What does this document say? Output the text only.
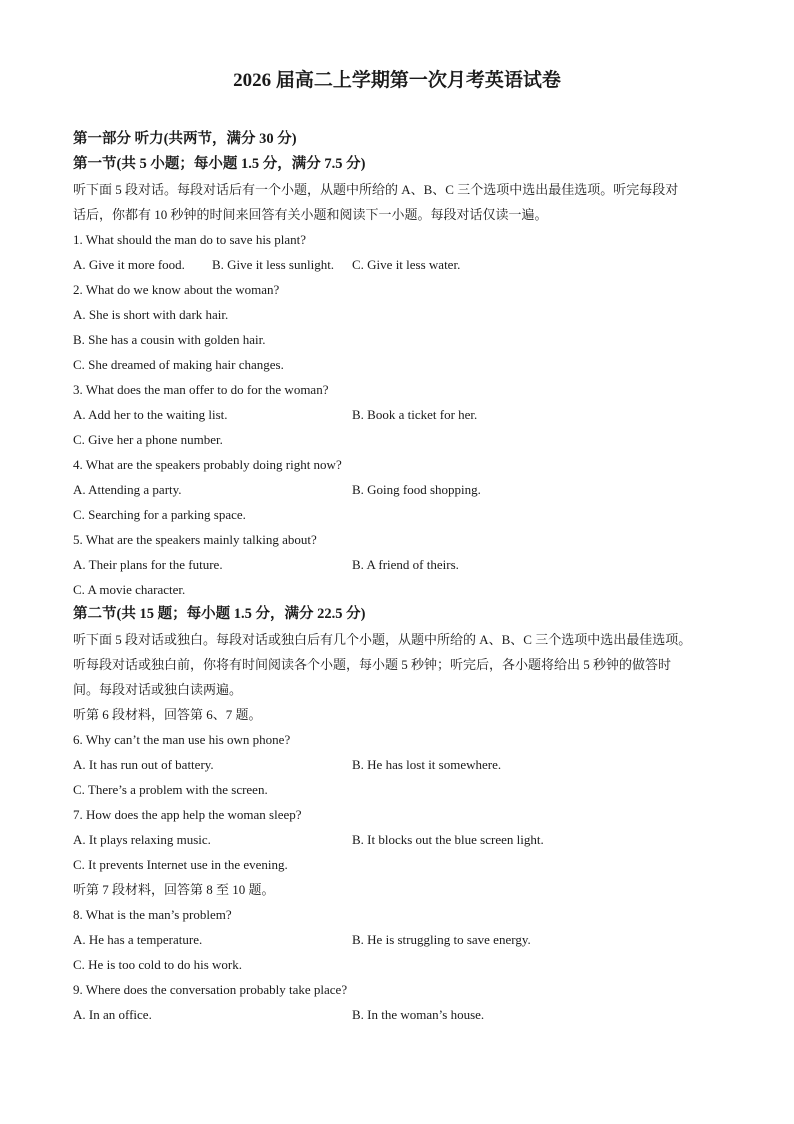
2026 届高二上学期第一次月考英语试卷
第一部分 听力(共两节，满分 30 分)
第一节(共 5 小题；每小题 1.5 分，满分 7.5 分)
听下面 5 段对话。每段对话后有一个小题，从题中所给的 A、B、C 三个选项中选出最佳选项。听完每段对
话后，你都有 10 秒钟的时间来回答有关小题和阅读下一小题。每段对话仅读一遍。
1. What should the man do to save his plant?
A. Give it more food. B. Give it less sunlight. C. Give it less water.
2. What do we know about the woman?
A. She is short with dark hair.
B. She has a cousin with golden hair.
C. She dreamed of making hair changes.
3. What does the man offer to do for the woman?
A. Add her to the waiting list.	B. Book a ticket for her.
C. Give her a phone number.
4. What are the speakers probably doing right now?
A. Attending a party.	B. Going food shopping.
C. Searching for a parking space.
5. What are the speakers mainly talking about?
A. Their plans for the future.	B. A friend of theirs.
C. A movie character.
第二节(共 15 题；每小题 1.5 分，满分 22.5 分)
听下面 5 段对话或独白。每段对话或独白后有几个小题，从题中所给的 A、B、C 三个选项中选出最佳选项。
听每段对话或独白前，你将有时间阅读各个小题，每小题 5 秒钟；听完后，各小题将给出 5 秒钟的做答时
间。每段对话或独白读两遍。
听第 6 段材料，回答第 6、7 题。
6. Why can’t the man use his own phone?
A. It has run out of battery.	B. He has lost it somewhere.
C. There’s a problem with the screen.
7. How does the app help the woman sleep?
A. It plays relaxing music.	B. It blocks out the blue screen light.
C. It prevents Internet use in the evening.
听第 7 段材料，回答第 8 至 10 题。
8. What is the man’s problem?
A. He has a temperature.	B. He is struggling to save energy.
C. He is too cold to do his work.
9. Where does the conversation probably take place?
A. In an office.	B. In the woman’s house.
